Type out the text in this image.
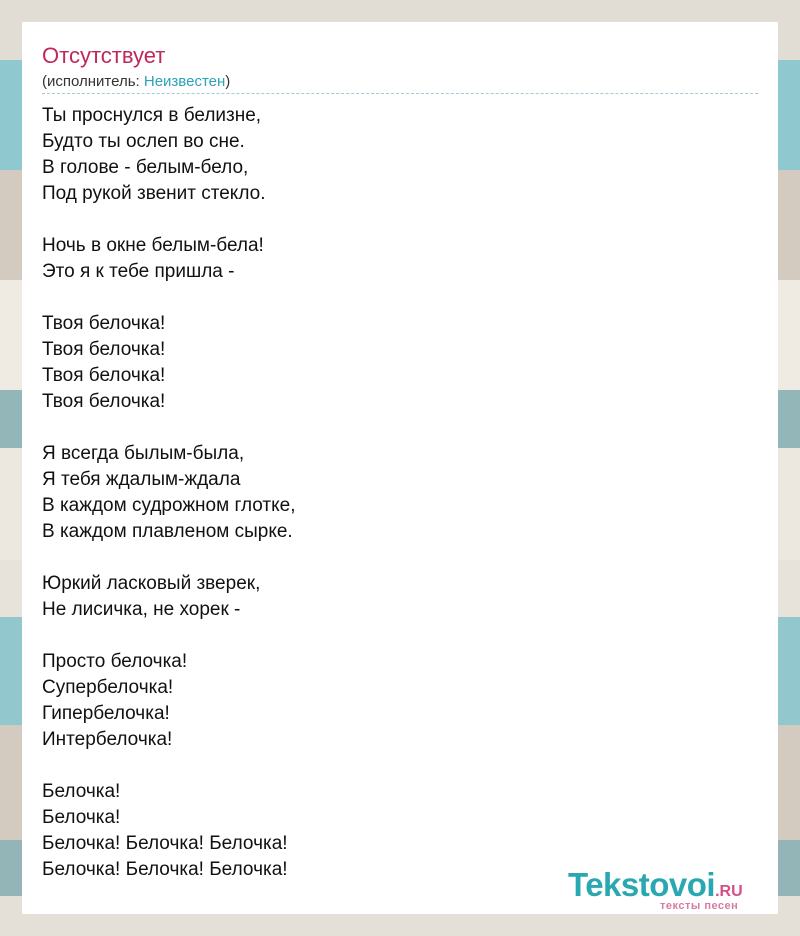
Отсутствует
(исполнитель: Неизвестен)
Ты проснулся в белизне,
Будто ты ослеп во сне.
В голове - белым-бело,
Под рукой звенит стекло.
Ночь в окне белым-бела!
Это я к тебе пришла -
Твоя белочка!
Твоя белочка!
Твоя белочка!
Твоя белочка!
Я всегда былым-была,
Я тебя ждалым-ждала
В каждом судрожном глотке,
В каждом плавленом сырке.
Юркий ласковый зверек,
Не лисичка, не хорек -
Просто белочка!
Супербелочка!
Гипербелочка!
Интербелочка!
Белочка!
Белочка!
Белочка! Белочка! Белочка!
Белочка! Белочка! Белочка!	Tekstovoi.RU
тексты песен
